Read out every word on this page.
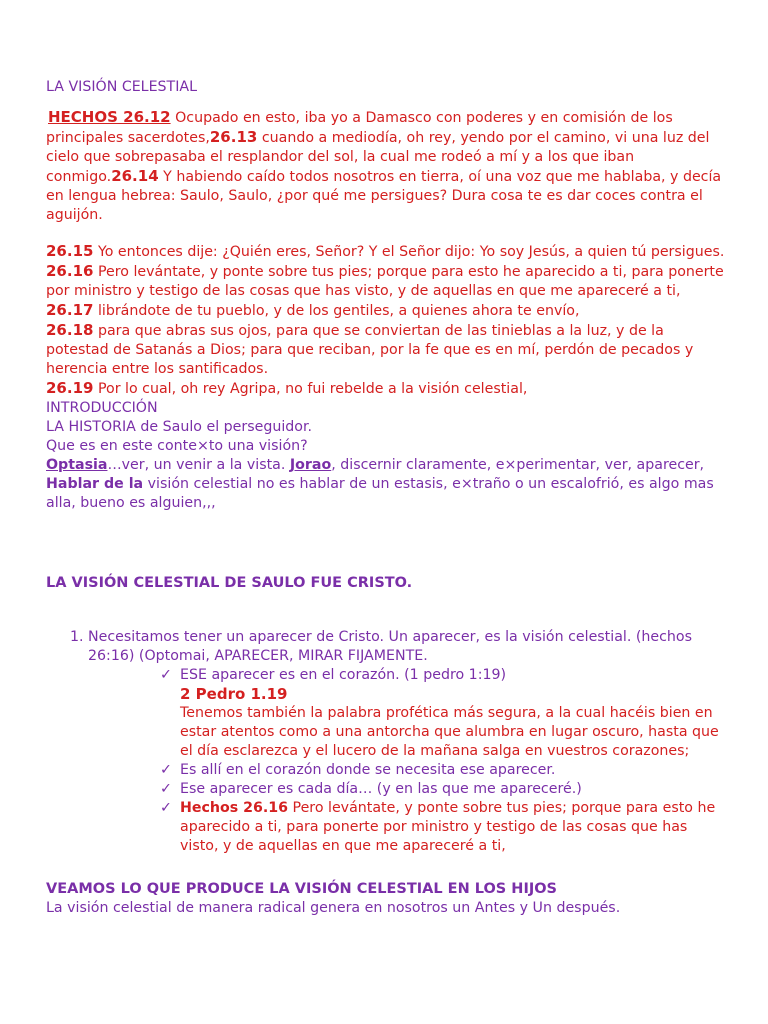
LA VISIÓN CELESTIAL

HECHOS 26.12 Ocupado en esto, iba yo a Damasco con poderes y en comisión de los principales sacerdotes,26.13 cuando a mediodía, oh rey, yendo por el camino, vi una luz del cielo que sobrepasaba el resplandor del sol, la cual me rodeó a mí y a los que iban conmigo.26.14 Y habiendo caído todos nosotros en tierra, oí una voz que me hablaba, y decía en lengua hebrea: Saulo, Saulo, ¿por qué me persigues? Dura cosa te es dar coces contra el aguijón.

26.15 Yo entonces dije: ¿Quién eres, Señor? Y el Señor dijo: Yo soy Jesús, a quien tú persigues.
26.16 Pero levántate, y ponte sobre tus pies; porque para esto he aparecido a ti, para ponerte por ministro y testigo de las cosas que has visto, y de aquellas en que me apareceré a ti,
26.17 librándote de tu pueblo, y de los gentiles, a quienes ahora te envío,
26.18 para que abras sus ojos, para que se conviertan de las tinieblas a la luz, y de la potestad de Satanás a Dios; para que reciban, por la fe que es en mí, perdón de pecados y herencia entre los santificados.
26.19 Por lo cual, oh rey Agripa, no fui rebelde a la visión celestial,
INTRODUCCIÓN
LA HISTORIA de Saulo el perseguidor.
Que es en este conte×to una visión?
Optasia…ver, un venir a la vista. Jorao, discernir claramente, e×perimentar, ver, aparecer,
Hablar de la visión celestial no es hablar de un estasis, e×traño o un escalofrió, es algo mas alla, bueno es alguien,,,

LA VISIÓN CELESTIAL DE SAULO FUE CRISTO.

1. Necesitamos tener un aparecer de Cristo. Un aparecer, es la visión celestial. (hechos 26:16) (Optomai, APARECER, MIRAR FIJAMENTE.
✓ ESE aparecer es en el corazón. (1 pedro 1:19)
2 Pedro 1.19
Tenemos también la palabra profética más segura, a la cual hacéis bien en estar atentos como a una antorcha que alumbra en lugar oscuro, hasta que el día esclarezca y el lucero de la mañana salga en vuestros corazones;
✓ Es allí en el corazón donde se necesita ese aparecer.
✓ Ese aparecer es cada día… (y en las que me apareceré.)
✓ Hechos 26.16 Pero levántate, y ponte sobre tus pies; porque para esto he aparecido a ti, para ponerte por ministro y testigo de las cosas que has visto, y de aquellas en que me apareceré a ti,

VEAMOS LO QUE PRODUCE LA VISIÓN CELESTIAL EN LOS HIJOS

La visión celestial de manera radical genera en nosotros un Antes y Un después.
